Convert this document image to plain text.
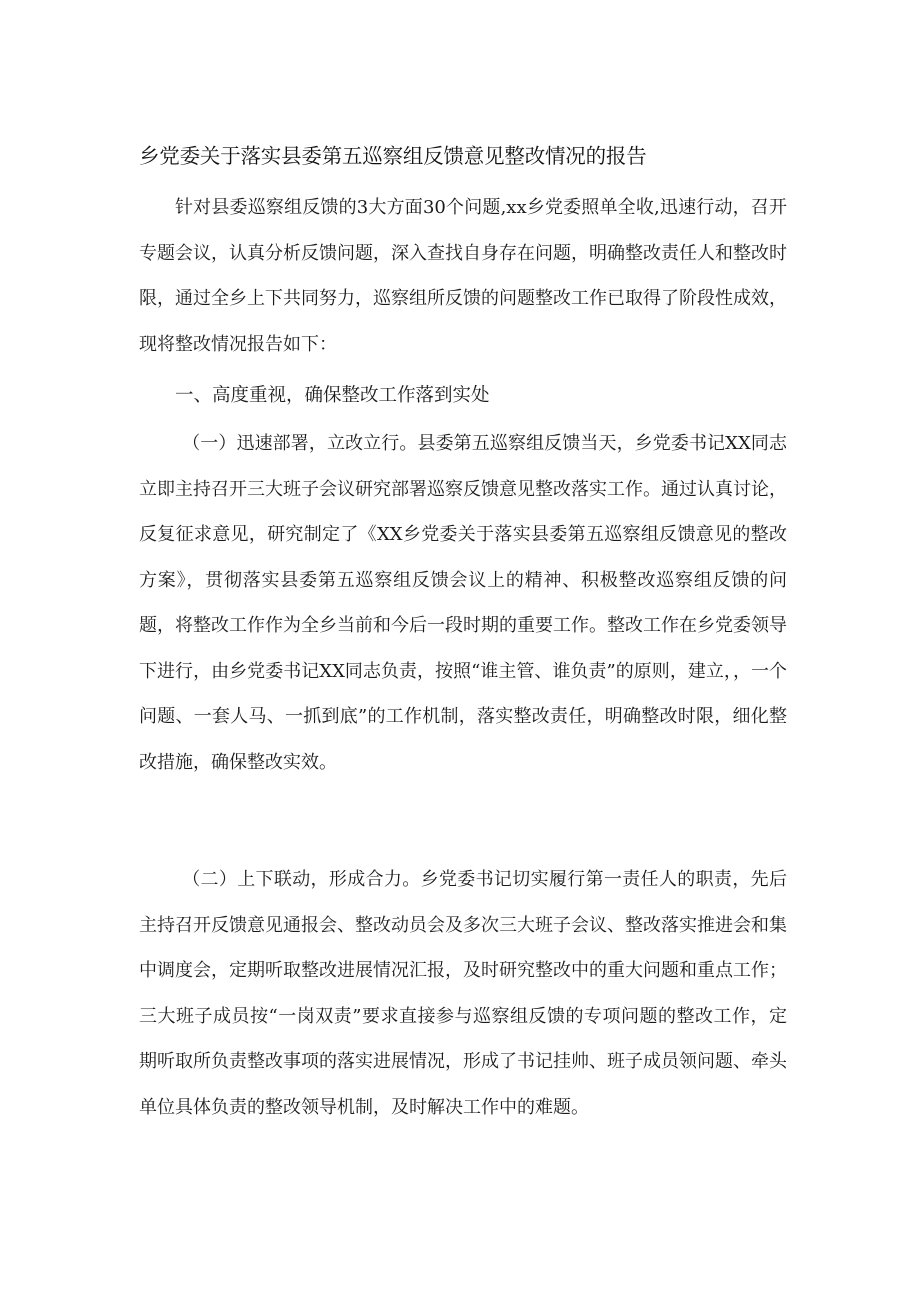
乡党委关于落实县委第五巡察组反馈意见整改情况的报告

针对县委巡察组反馈的3大方面30个问题,xx乡党委照单全收,迅速行动，召开专题会议，认真分析反馈问题，深入查找自身存在问题，明确整改责任人和整改时限，通过全乡上下共同努力，巡察组所反馈的问题整改工作已取得了阶段性成效，现将整改情况报告如下：

一、高度重视，确保整改工作落到实处

（一）迅速部署，立改立行。县委第五巡察组反馈当天，乡党委书记XX同志立即主持召开三大班子会议研究部署巡察反馈意见整改落实工作。通过认真讨论，反复征求意见，研究制定了《XX乡党委关于落实县委第五巡察组反馈意见的整改方案》，贯彻落实县委第五巡察组反馈会议上的精神、积极整改巡察组反馈的问题，将整改工作作为全乡当前和今后一段时期的重要工作。整改工作在乡党委领导下进行，由乡党委书记XX同志负责，按照“谁主管、谁负责”的原则，建立，，一个问题、一套人马、一抓到底”的工作机制，落实整改责任，明确整改时限，细化整改措施，确保整改实效。

（二）上下联动，形成合力。乡党委书记切实履行第一责任人的职责，先后主持召开反馈意见通报会、整改动员会及多次三大班子会议、整改落实推进会和集中调度会，定期听取整改进展情况汇报，及时研究整改中的重大问题和重点工作；三大班子成员按“一岗双责”要求直接参与巡察组反馈的专项问题的整改工作，定期听取所负责整改事项的落实进展情况，形成了书记挂帅、班子成员领问题、牵头单位具体负责的整改领导机制，及时解决工作中的难题。
